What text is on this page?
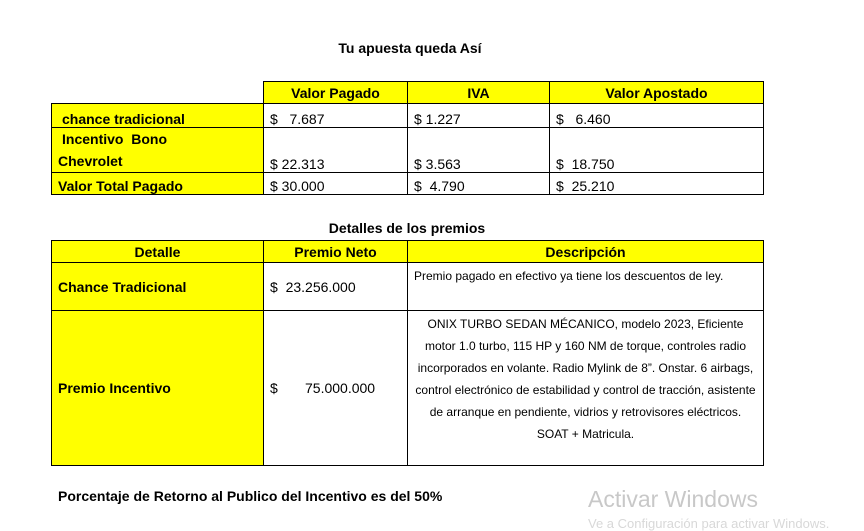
Tu apuesta queda Así
	Valor Pagado	IVA	Valor Apostado
chance tradicional	$   7.687	$ 1.227	$   6.460

Incentivo  Bono
Chevrolet	$ 22.313	$ 3.563	$  18.750
Valor Total Pagado	$ 30.000	$  4.790	$  25.210
Detalles de los premios
Detalle	Premio Neto	Descripción
Chance Tradicional	$  23.256.000	Premio pagado en efectivo ya tiene los descuentos de ley.
Premio Incentivo	$       75.000.000	ONIX TURBO SEDAN MÉCANICO, modelo 2023, Eficiente motor 1.0 turbo, 115 HP y 160 NM de torque, controles radio incorporados en volante. Radio Mylink de 8”. Onstar. 6 airbags, control electrónico de estabilidad y control de tracción, asistente de arranque en pendiente, vidrios y retrovisores eléctricos. SOAT + Matricula.
Porcentaje de Retorno al Publico del Incentivo es del 50%	Activar Windows
Ve a Configuración para activar Windows.
